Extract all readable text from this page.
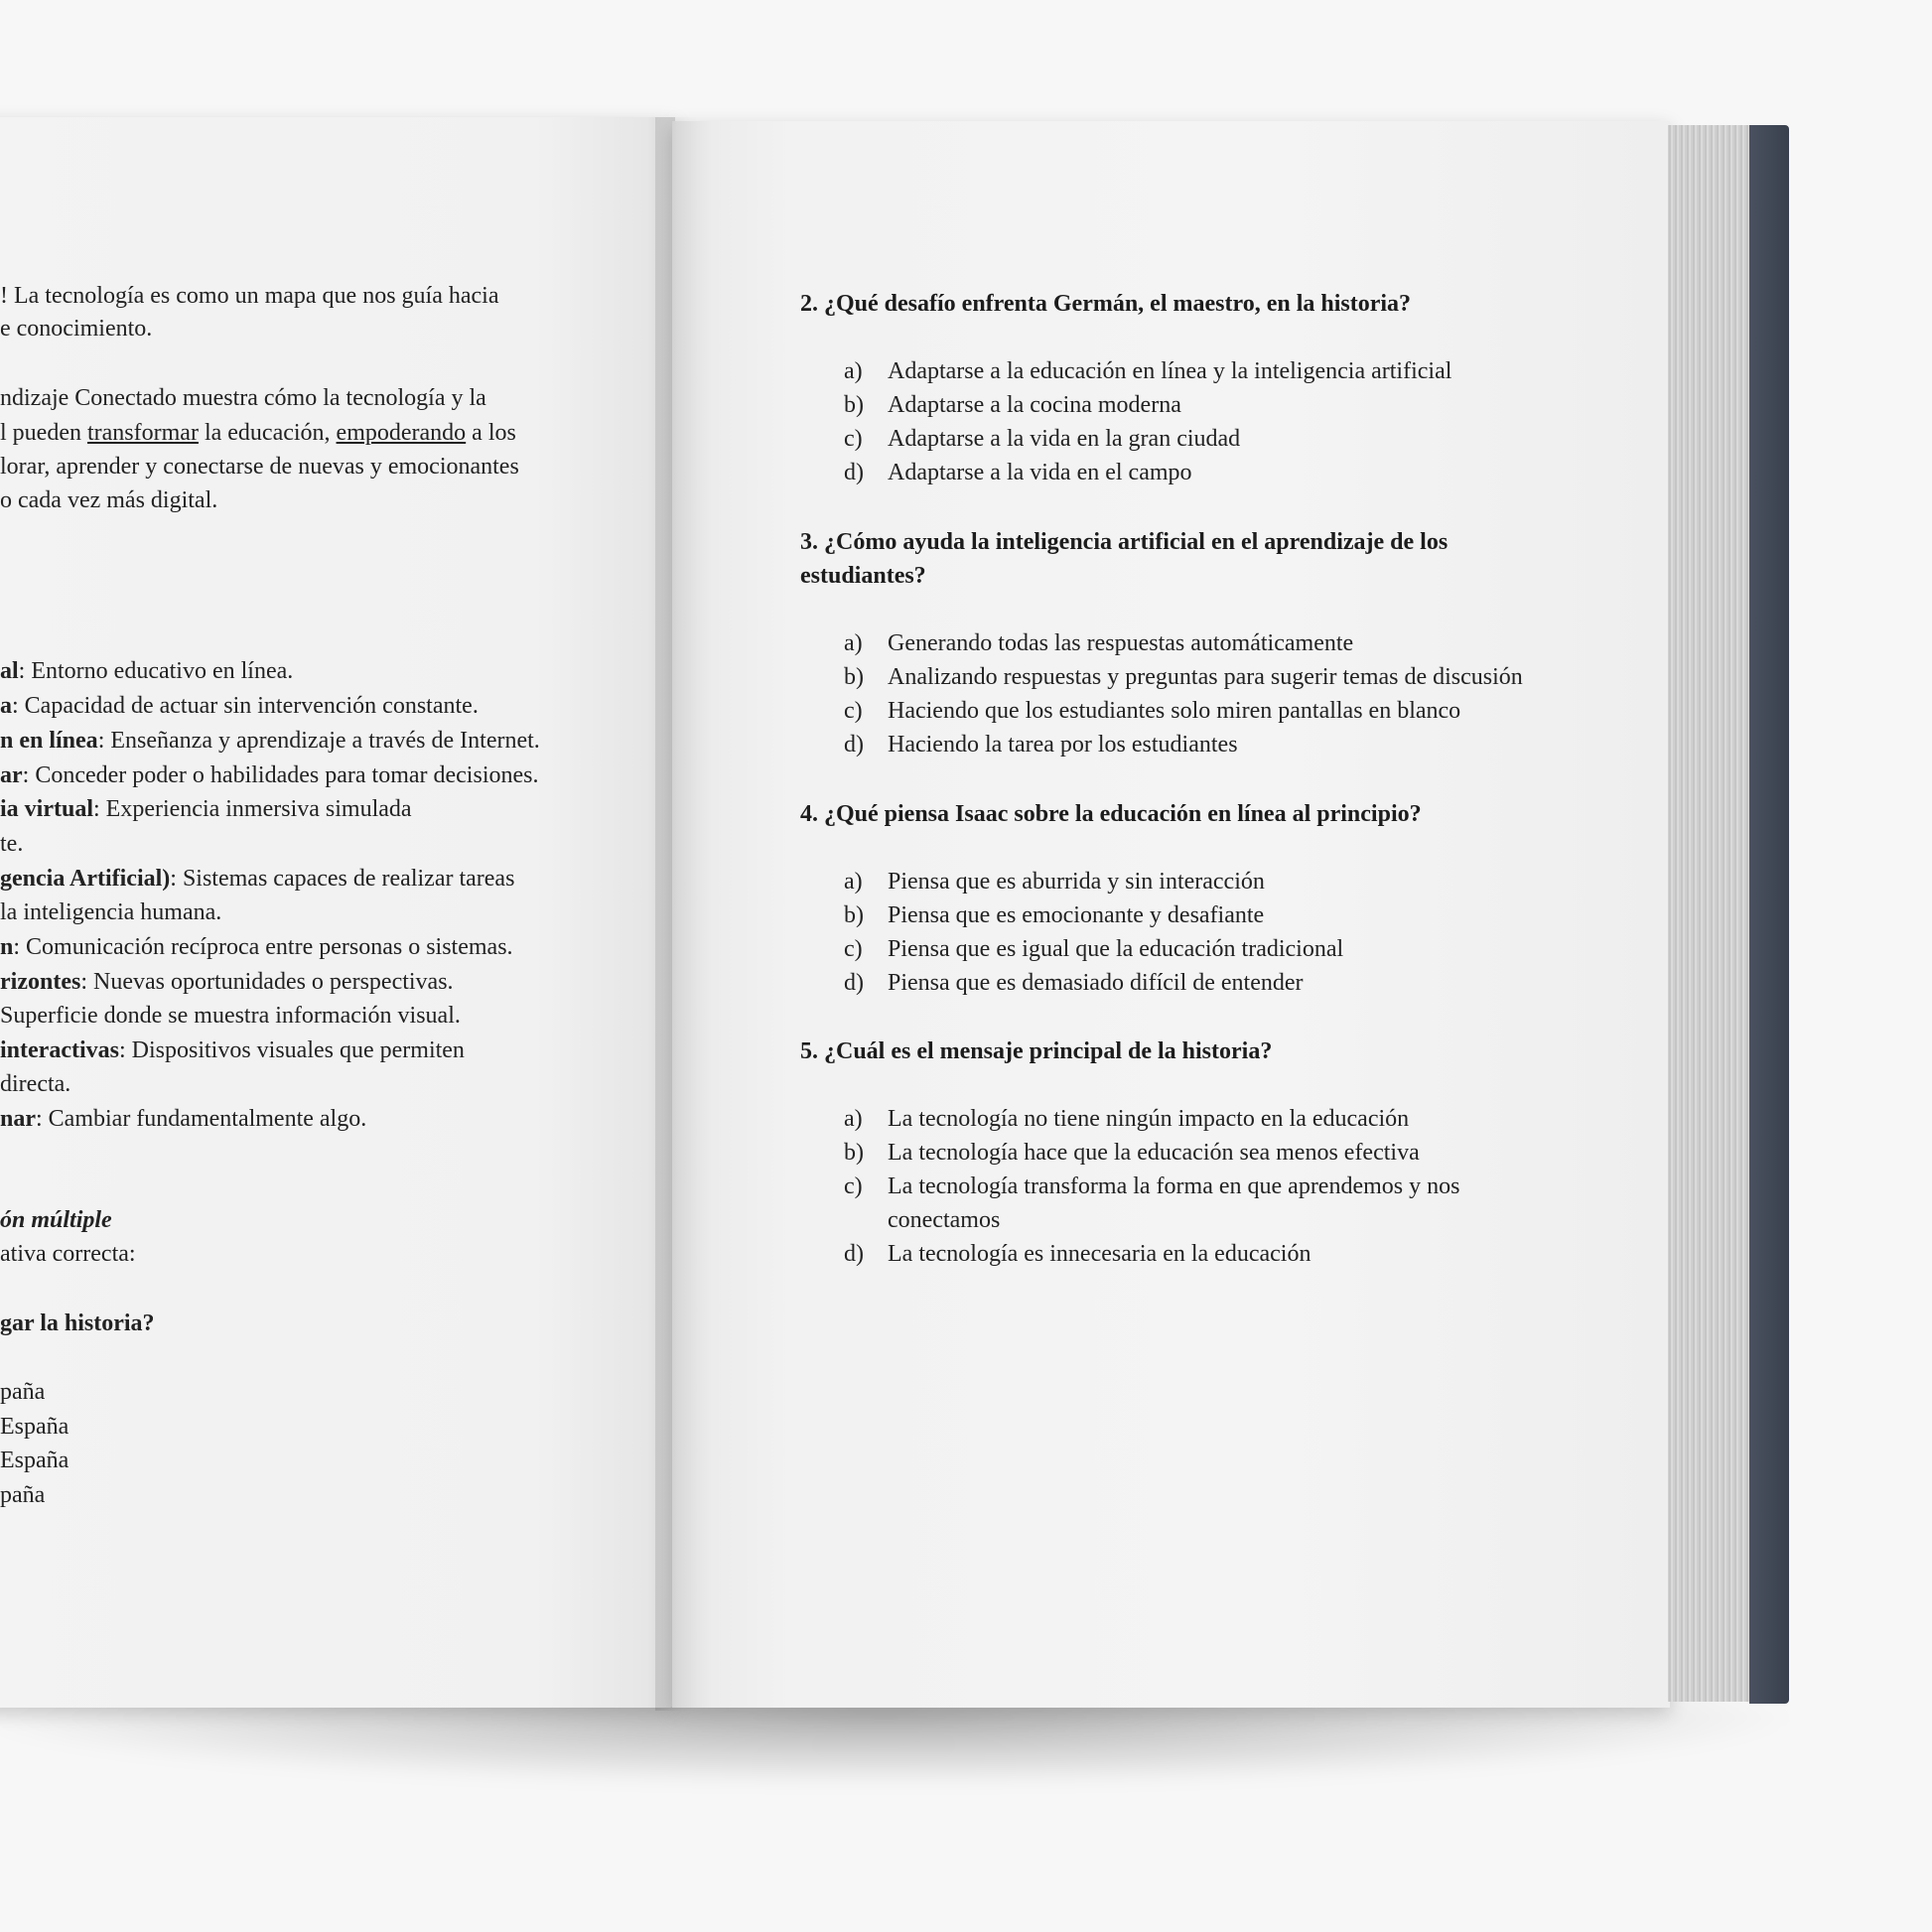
! La tecnología es como un mapa que nos guía hacia
e conocimiento.
ndizaje Conectado muestra cómo la tecnología y la
l pueden transformar la educación, empoderando a los
lorar, aprender y conectarse de nuevas y emocionantes
o cada vez más digital.
al: Entorno educativo en línea.
a: Capacidad de actuar sin intervención constante.
n en línea: Enseñanza y aprendizaje a través de Internet.
ar: Conceder poder o habilidades para tomar decisiones.
ia virtual: Experiencia inmersiva simulada
te.
gencia Artificial): Sistemas capaces de realizar tareas
la inteligencia humana.
n: Comunicación recíproca entre personas o sistemas.
rizontes: Nuevas oportunidades o perspectivas.
Superficie donde se muestra información visual.
interactivas: Dispositivos visuales que permiten
directa.
nar: Cambiar fundamentalmente algo.
ón múltiple
ativa correcta:
gar la historia?
paña
España
España
paña
2. ¿Qué desafío enfrenta Germán, el maestro, en la historia?
a) Adaptarse a la educación en línea y la inteligencia artificial
b) Adaptarse a la cocina moderna
c) Adaptarse a la vida en la gran ciudad
d) Adaptarse a la vida en el campo
3. ¿Cómo ayuda la inteligencia artificial en el aprendizaje de los estudiantes?
a) Generando todas las respuestas automáticamente
b) Analizando respuestas y preguntas para sugerir temas de discusión
c) Haciendo que los estudiantes solo miren pantallas en blanco
d) Haciendo la tarea por los estudiantes
4. ¿Qué piensa Isaac sobre la educación en línea al principio?
a) Piensa que es aburrida y sin interacción
b) Piensa que es emocionante y desafiante
c) Piensa que es igual que la educación tradicional
d) Piensa que es demasiado difícil de entender
5. ¿Cuál es el mensaje principal de la historia?
a) La tecnología no tiene ningún impacto en la educación
b) La tecnología hace que la educación sea menos efectiva
c) La tecnología transforma la forma en que aprendemos y nos conectamos
d) La tecnología es innecesaria en la educación
